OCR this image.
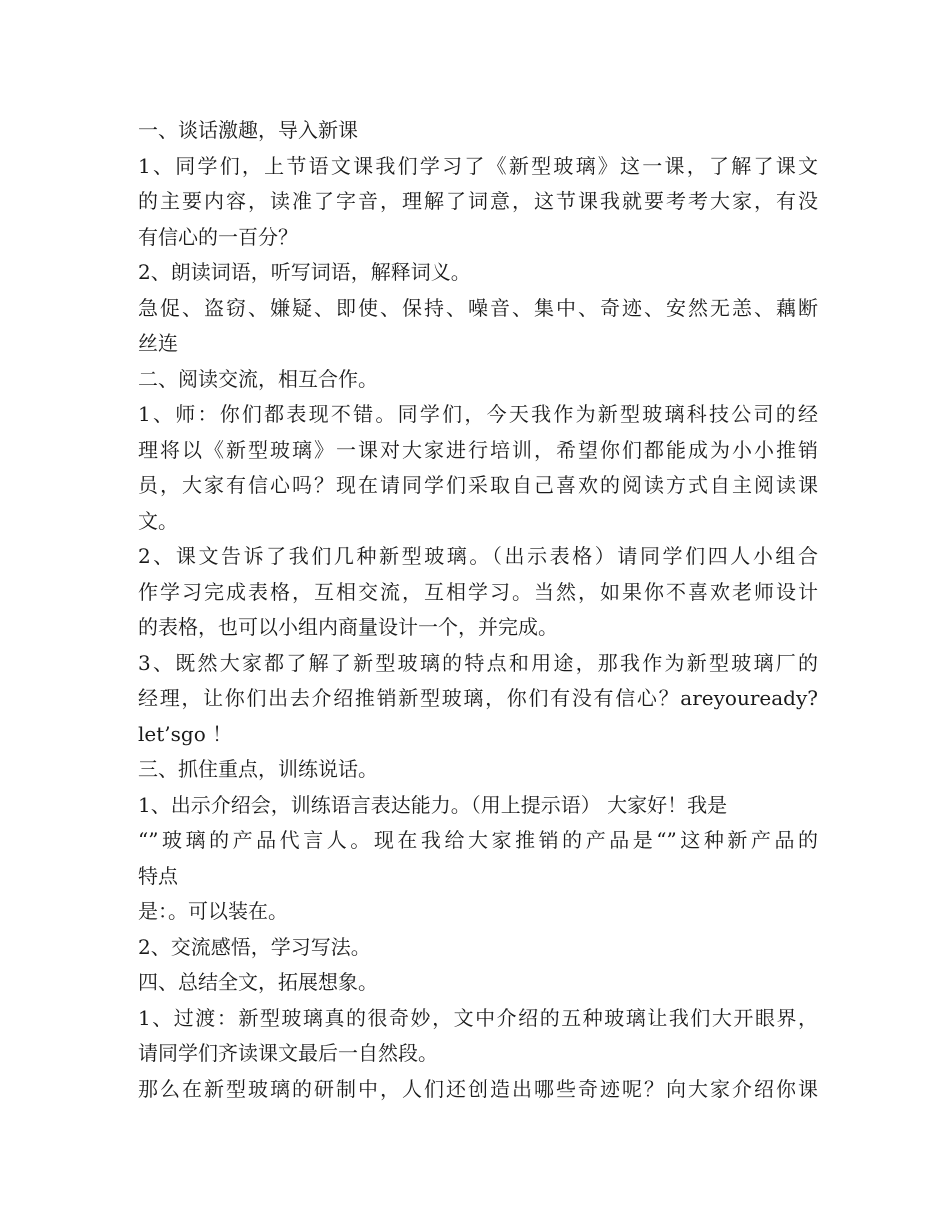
一、谈话激趣，导入新课
1、同学们，上节语文课我们学习了《新型玻璃》这一课，了解了课文
的主要内容，读准了字音，理解了词意，这节课我就要考考大家，有没
有信心的一百分？
2、朗读词语，听写词语，解释词义。
急促、盗窃、嫌疑、即使、保持、噪音、集中、奇迹、安然无恙、藕断
丝连
二、阅读交流，相互合作。
1、师：你们都表现不错。同学们，今天我作为新型玻璃科技公司的经
理将以《新型玻璃》一课对大家进行培训，希望你们都能成为小小推销
员，大家有信心吗？现在请同学们采取自己喜欢的阅读方式自主阅读课
文。
2、课文告诉了我们几种新型玻璃。（出示表格）请同学们四人小组合
作学习完成表格，互相交流，互相学习。当然，如果你不喜欢老师设计
的表格，也可以小组内商量设计一个，并完成。
3、既然大家都了解了新型玻璃的特点和用途，那我作为新型玻璃厂的
经理，让你们出去介绍推销新型玻璃，你们有没有信心？areyouready?
let’sgo ！
三、抓住重点，训练说话。
1、出示介绍会，训练语言表达能力。（用上提示语） 大家好！我是
“”玻璃的产品代言人。现在我给大家推销的产品是“”这种新产品的
特点
是：。可以装在。
2、交流感悟，学习写法。
四、总结全文，拓展想象。
1、过渡：新型玻璃真的很奇妙，文中介绍的五种玻璃让我们大开眼界，
请同学们齐读课文最后一自然段。
那么在新型玻璃的研制中，人们还创造出哪些奇迹呢？向大家介绍你课
